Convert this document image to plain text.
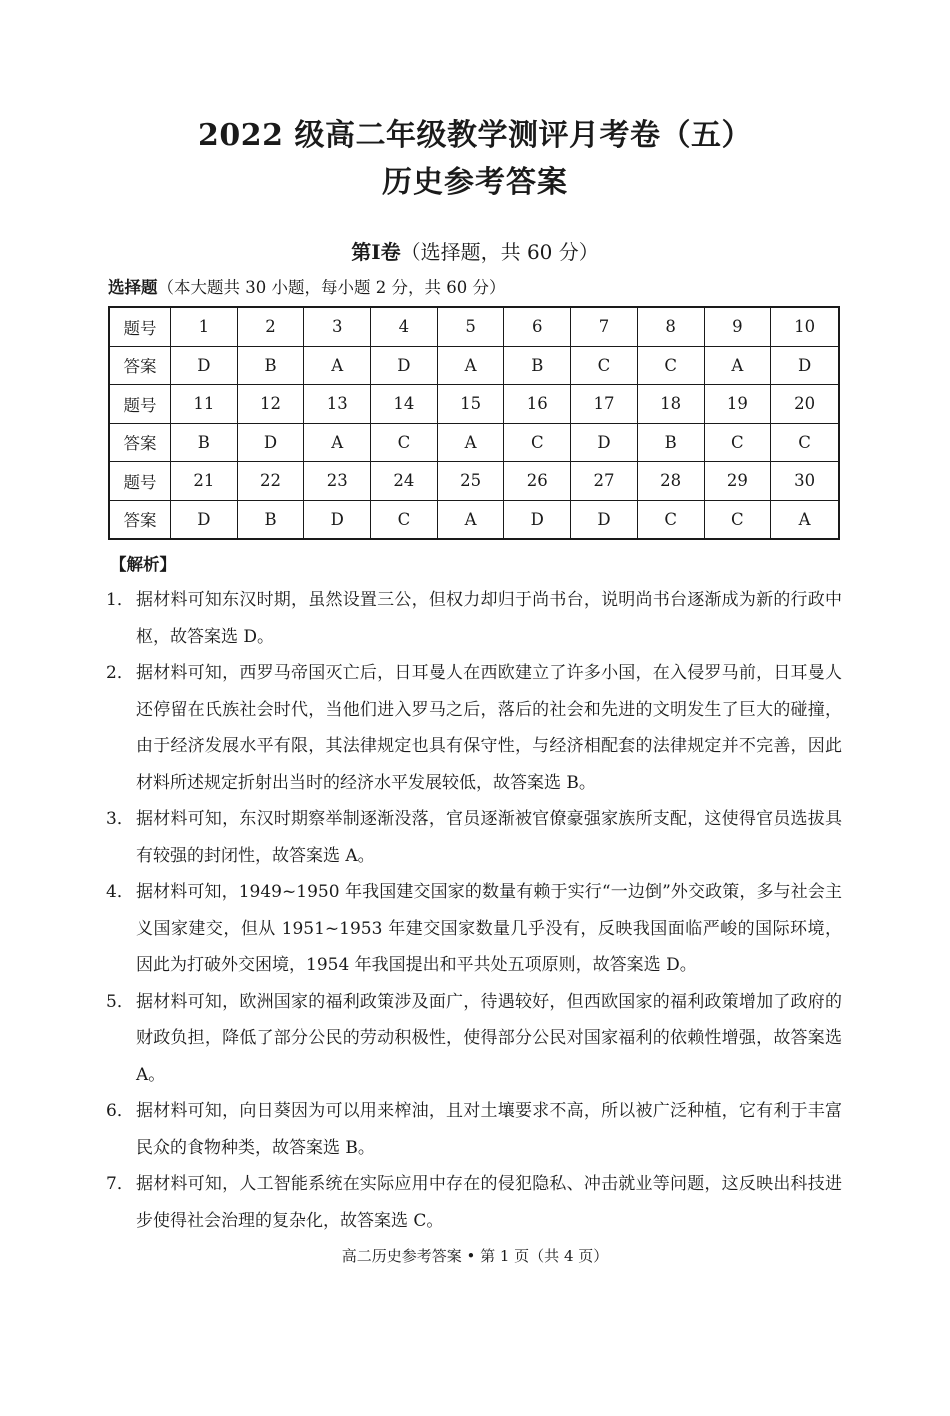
2022 级高二年级教学测评月考卷（五）
历史参考答案
第Ⅰ卷（选择题，共 60 分）
选择题（本大题共 30 小题，每小题 2 分，共 60 分）
题号	1	2	3	4	5	6	7	8	9	10
答案	D	B	A	D	A	B	C	C	A	D
题号	11	12	13	14	15	16	17	18	19	20
答案	B	D	A	C	A	C	D	B	C	C
题号	21	22	23	24	25	26	27	28	29	30
答案	D	B	D	C	A	D	D	C	C	A
【解析】
1． 据材料可知东汉时期，虽然设置三公，但权力却归于尚书台，说明尚书台逐渐成为新的行政中枢，故答案选 D。
2． 据材料可知，西罗马帝国灭亡后，日耳曼人在西欧建立了许多小国，在入侵罗马前，日耳曼人还停留在氏族社会时代，当他们进入罗马之后，落后的社会和先进的文明发生了巨大的碰撞，由于经济发展水平有限，其法律规定也具有保守性，与经济相配套的法律规定并不完善，因此材料所述规定折射出当时的经济水平发展较低，故答案选 B。
3． 据材料可知，东汉时期察举制逐渐没落，官员逐渐被官僚豪强家族所支配，这使得官员选拔具有较强的封闭性，故答案选 A。
4． 据材料可知，1949~1950 年我国建交国家的数量有赖于实行“一边倒”外交政策，多与社会主义国家建交，但从 1951~1953 年建交国家数量几乎没有，反映我国面临严峻的国际环境，因此为打破外交困境，1954 年我国提出和平共处五项原则，故答案选 D。
5． 据材料可知，欧洲国家的福利政策涉及面广，待遇较好，但西欧国家的福利政策增加了政府的财政负担，降低了部分公民的劳动积极性，使得部分公民对国家福利的依赖性增强，故答案选 A。
6． 据材料可知，向日葵因为可以用来榨油，且对土壤要求不高，所以被广泛种植，它有利于丰富民众的食物种类，故答案选 B。
7． 据材料可知，人工智能系统在实际应用中存在的侵犯隐私、冲击就业等问题，这反映出科技进步使得社会治理的复杂化，故答案选 C。
高二历史参考答案 • 第 1 页（共 4 页）
